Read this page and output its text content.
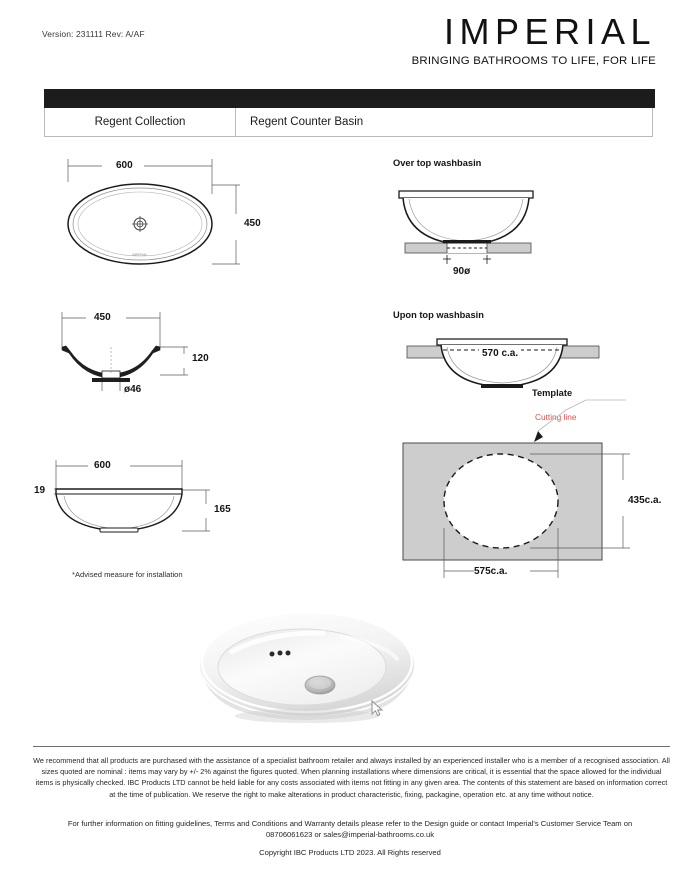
Version: 231111 Rev: A/AF	IMPERIAL
BRINGING BATHROOMS TO LIFE, FOR LIFE
Regent Collection	Regent Counter Basin
IMPERIAL
600
450
450
120
ø46
600
165
19
*Advised measure for installation
Over top washbasin
90ø
Upon top washbasin
570 c.a.
Template
Cutting line
435c.a.
575c.a.
We recommend that all products are purchased with the assistance of a specialist bathroom retailer and always installed by an experienced installer who is a member of a recognised association. All sizes quoted are nominal : items may vary by +/- 2% against the figures quoted. When planning installations where dimensions are critical, it is essential that the space allowed for the individual items is physically checked. IBC Products LTD cannot be held liable for any costs associated with items not fitting in any given area. The contents of this statement are based on information correct at the time of publication. We reserve the right to make alterations in product characteristic, fixing, packagine, operation etc. at any time without notice.
For further information on fitting guidelines, Terms and Conditions and Warranty details please refer to the Design guide or contact Imperial's Customer Service Team on 08706061623 or sales@imperial-bathrooms.co.uk
Copyright IBC Products LTD 2023. All Rights reserved
